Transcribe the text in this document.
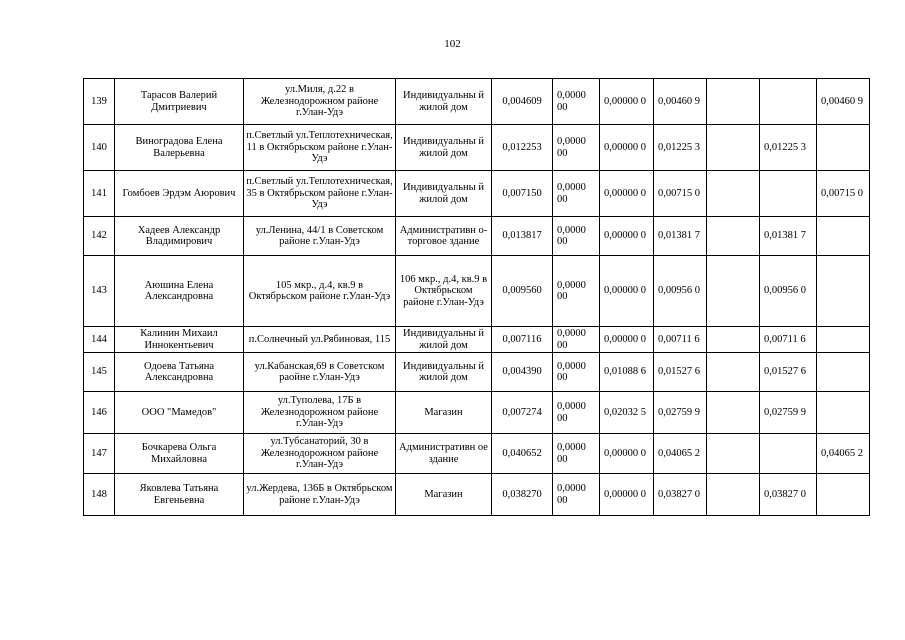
102
139	Тарасов Валерий Дмитриевич	ул.Миля, д.22 в Железнодорожном районе г.Улан-Удэ	Индивидуальны й жилой дом	0,004609	0,0000 00	0,00000 0	0,00460 9			0,00460 9
140	Виноградова Елена Валерьевна	п.Светлый ул.Теплотехническая, 11 в Октябрьском районе г.Улан-Удэ	Индивидуальны й жилой дом	0,012253	0,0000 00	0,00000 0	0,01225 3		0,01225 3	
141	Гомбоев Эрдэм Аюрович	п.Светлый ул.Теплотехническая, 35 в Октябрьском районе г.Улан-Удэ	Индивидуальны й жилой дом	0,007150	0,0000 00	0,00000 0	0,00715 0			0,00715 0
142	Хадеев Александр Владимирович	ул.Ленина, 44/1 в Советском районе г.Улан-Удэ	Административн о-торговое здание	0,013817	0,0000 00	0,00000 0	0,01381 7		0,01381 7	
143	Аюшина Елена Александровна	105 мкр., д.4, кв.9 в Октябрьском районе г.Улан-Удэ	106 мкр., д.4, кв.9 в Октябрьском районе г.Улан-Удэ	0,009560	0,0000 00	0,00000 0	0,00956 0		0,00956 0	
144	Калинин Михаил Иннокентьевич	п.Солнечный ул.Рябиновая, 115	Индивидуальны й жилой дом	0,007116	0,0000 00	0,00000 0	0,00711 6		0,00711 6	
145	Одоева Татьяна Александровна	ул.Кабанская,69 в Советском раойне г.Улан-Удэ	Индивидуальны й жилой дом	0,004390	0,0000 00	0,01088 6	0,01527 6		0,01527 6	
146	ООО "Мамедов"	ул.Туполева, 17Б в Железнодорожном районе г.Улан-Удэ	Магазин	0,007274	0,0000 00	0,02032 5	0,02759 9		0,02759 9	
147	Бочкарева Ольга Михайловна	ул.Тубсанаторий, 30 в Железнодорожном районе г.Улан-Удэ	Административн ое здание	0,040652	0,0000 00	0,00000 0	0,04065 2			0,04065 2
148	Яковлева Татьяна Евгеньевна	ул.Жердева, 136Б в Октябрьском районе г.Улан-Удэ	Магазин	0,038270	0,0000 00	0,00000 0	0,03827 0		0,03827 0	
